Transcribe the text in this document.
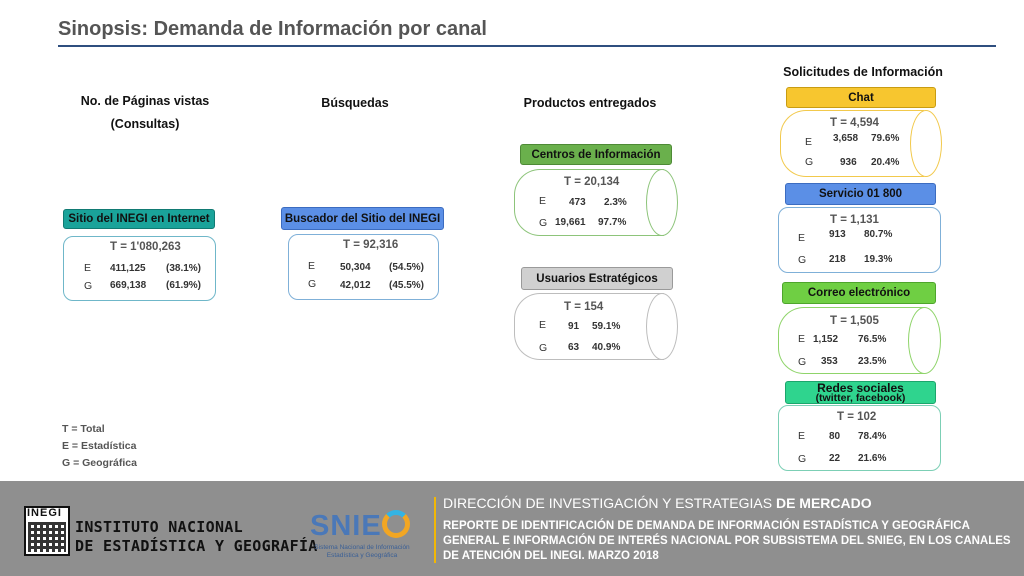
Sinopsis: Demanda de Información por canal
No. de Páginas vistas
(Consultas)
Búsquedas	Productos entregados
Solicitudes de Información
Sitio del INEGI en Internet
T = 1'080,263
E 411,125 (38.1%)
G 669,138 (61.9%)
Buscador del Sitio del INEGI
T = 92,316
E 50,304 (54.5%)
G 42,012 (45.5%)
Centros de Información
T = 20,134
E 473 2.3%
G 19,661 97.7%
Usuarios Estratégicos
T = 154
E 91 59.1%
G 63 40.9%
Chat
T = 4,594
E 3,658 79.6%
G	936 20.4%
Servicio 01 800
T = 1,131
E 913 80.7%
G 218 19.3%
Correo electrónico
T = 1,505
E 1,152 76.5%
G 353 23.5%
Redes sociales
(twitter, facebook)
T = 102
E 80 78.4%
G 22 21.6%
T = Total
E = Estadística
G = Geográfica
INEGI
INSTITUTO NACIONAL
DE ESTADÍSTICA Y GEOGRAFÍA
SNIE
Sistema Nacional de Información Estadística y Geográfica
DIRECCIÓN DE INVESTIGACIÓN Y ESTRATEGIAS DE MERCADO
REPORTE DE IDENTIFICACIÓN DE DEMANDA DE INFORMACIÓN ESTADÍSTICA Y GEOGRÁFICA GENERAL E INFORMACIÓN DE INTERÉS NACIONAL POR SUBSISTEMA DEL SNIEG, EN LOS CANALES DE ATENCIÓN DEL INEGI. MARZO 2018
